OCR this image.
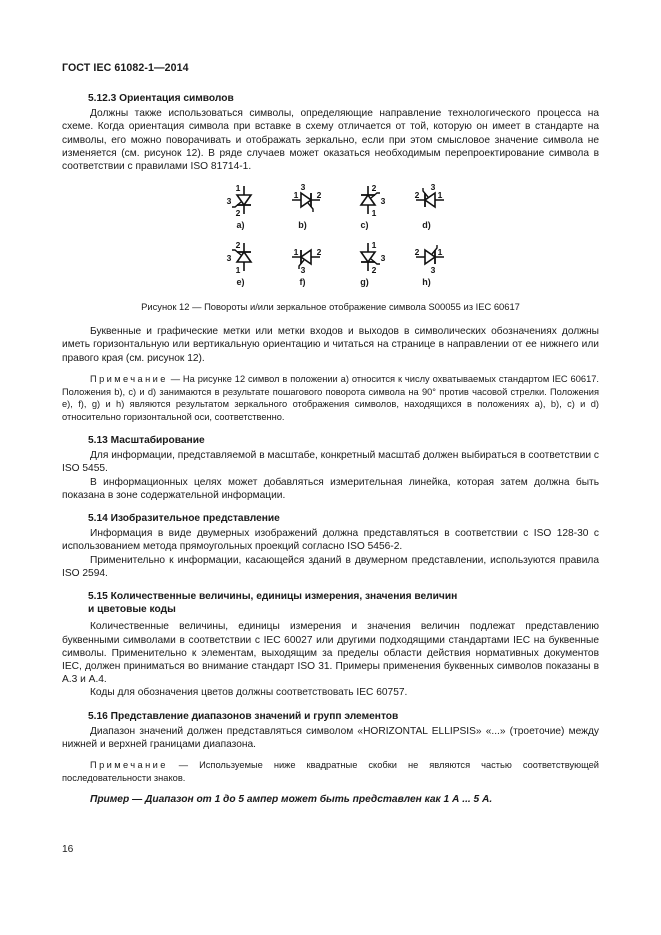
ГОСТ IEC 61082-1—2014
5.12.3 Ориентация символов

Должны также использоваться символы, определяющие направление технологического процесса на схеме. Когда ориентация символа при вставке в схему отличается от той, которую он имеет в стандарте на символы, его можно поворачивать и отображать зеркально, если при этом смысловое значение символа не изменяется (см. рисунок 12). В ряде случаев может оказаться необходимым перепроектирование символа в соответствии с правилами ISO 81714-1.

1
2
3
a)
1 2
3
b)
1
2
3
c)
1
2
3
d)
1
2
3
e)
1 2
3
f)
1
2
3
g)
1
2
3
h)
Рисунок 12 — Повороты и/или зеркальное отображение символа S00055 из IEC 60617

Буквенные и графические метки или метки входов и выходов в символических обозначениях должны иметь горизонтальную или вертикальную ориентацию и читаться на странице в направлении от ее нижнего или правого края (см. рисунок 12).

Примечание — На рисунке 12 символ в положении а) относится к числу охватываемых стандартом IEC 60617. Положения b), с) и d) занимаются в результате пошагового поворота символа на 90° против часовой стрелки. Положения е), f), g) и h) являются результатом зеркального отображения символов, находящихся в положениях а), b), с) и d) относительно горизонтальной оси, соответственно.

5.13 Масштабирование

Для информации, представляемой в масштабе, конкретный масштаб должен выбираться в соответствии с ISO 5455.

В информационных целях может добавляться измерительная линейка, которая затем должна быть показана в зоне содержательной информации.

5.14 Изобразительное представление

Информация в виде двумерных изображений должна представляться в соответствии с ISO 128-30 с использованием метода прямоугольных проекций согласно ISO 5456-2.

Применительно к информации, касающейся зданий в двумерном представлении, используются правила ISO 2594.

5.15 Количественные величины, единицы измерения, значения величин
и цветовые коды

Количественные величины, единицы измерения и значения величин подлежат представлению буквенными символами в соответствии с IEC 60027 или другими подходящими стандартами IEC на буквенные символы. Применительно к элементам, выходящим за пределы области действия нормативных документов IEC, должен приниматься во внимание стандарт ISO 31. Примеры применения буквенных символов показаны в А.3 и А.4.

Коды для обозначения цветов должны соответствовать IEC 60757.

5.16 Представление диапазонов значений и групп элементов

Диапазон значений должен представляться символом «HORIZONTAL ELLIPSIS» «...» (троеточие) между нижней и верхней границами диапазона.

Примечание — Используемые ниже квадратные скобки не являются частью соответствующей последовательности знаков.

Пример — Диапазон от 1 до 5 ампер может быть представлен как 1 А ... 5 А.

16
